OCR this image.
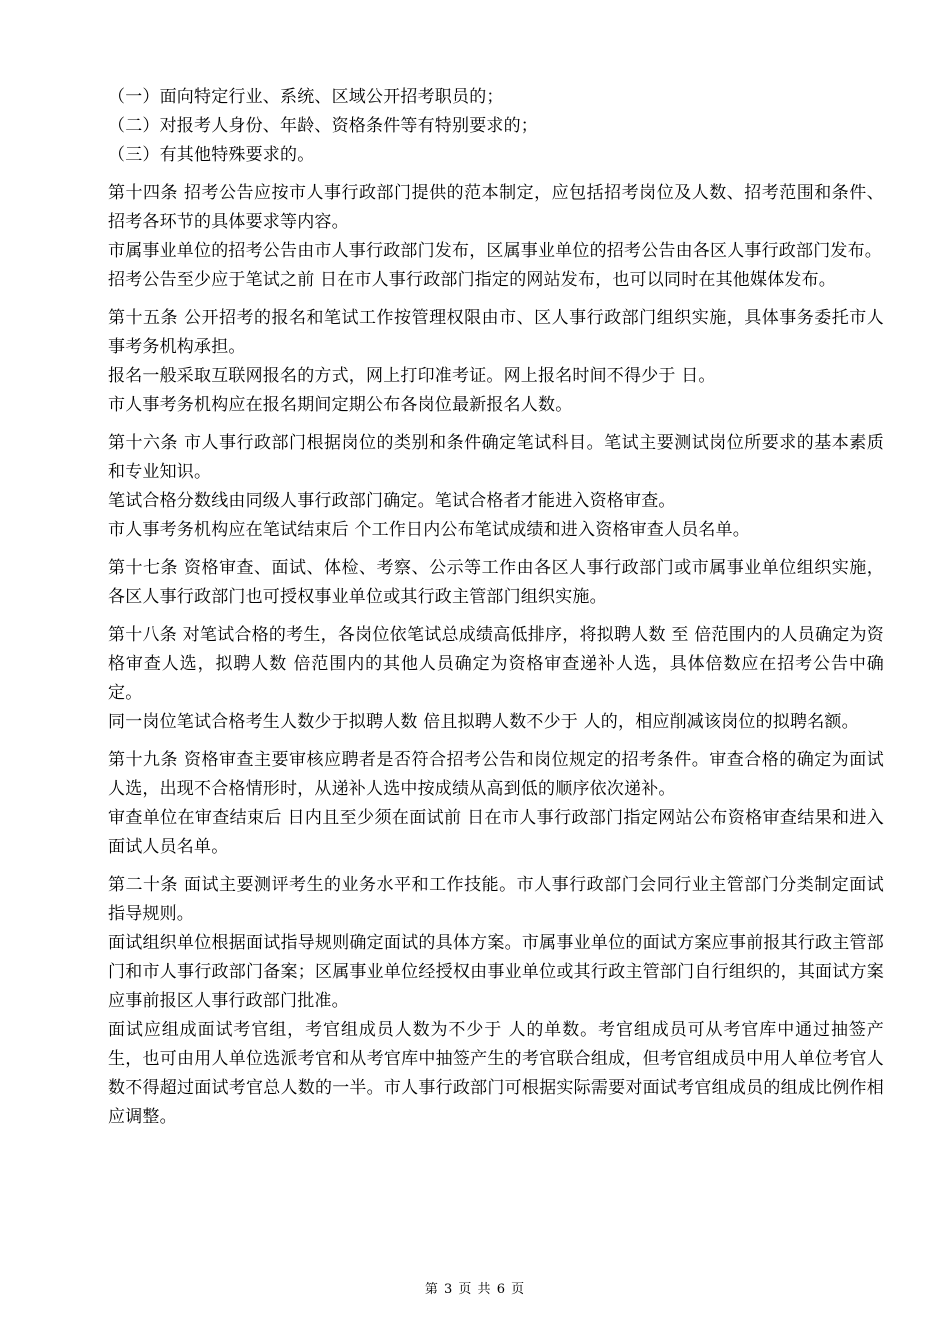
（一）面向特定行业、系统、区域公开招考职员的；

（二）对报考人身份、年龄、资格条件等有特别要求的；

（三）有其他特殊要求的。

第十四条 招考公告应按市人事行政部门提供的范本制定，应包括招考岗位及人数、招考范围和条件、招考各环节的具体要求等内容。

市属事业单位的招考公告由市人事行政部门发布，区属事业单位的招考公告由各区人事行政部门发布。

招考公告至少应于笔试之前 日在市人事行政部门指定的网站发布，也可以同时在其他媒体发布。

第十五条 公开招考的报名和笔试工作按管理权限由市、区人事行政部门组织实施，具体事务委托市人事考务机构承担。

报名一般采取互联网报名的方式，网上打印准考证。网上报名时间不得少于 日。

市人事考务机构应在报名期间定期公布各岗位最新报名人数。

第十六条 市人事行政部门根据岗位的类别和条件确定笔试科目。笔试主要测试岗位所要求的基本素质和专业知识。

笔试合格分数线由同级人事行政部门确定。笔试合格者才能进入资格审查。

市人事考务机构应在笔试结束后 个工作日内公布笔试成绩和进入资格审查人员名单。

第十七条 资格审查、面试、体检、考察、公示等工作由各区人事行政部门或市属事业单位组织实施，各区人事行政部门也可授权事业单位或其行政主管部门组织实施。

第十八条 对笔试合格的考生，各岗位依笔试总成绩高低排序，将拟聘人数 至 倍范围内的人员确定为资格审查人选，拟聘人数 倍范围内的其他人员确定为资格审查递补人选，具体倍数应在招考公告中确定。

同一岗位笔试合格考生人数少于拟聘人数 倍且拟聘人数不少于 人的，相应削减该岗位的拟聘名额。

第十九条 资格审查主要审核应聘者是否符合招考公告和岗位规定的招考条件。审查合格的确定为面试人选，出现不合格情形时，从递补人选中按成绩从高到低的顺序依次递补。

审查单位在审查结束后 日内且至少须在面试前 日在市人事行政部门指定网站公布资格审查结果和进入面试人员名单。

第二十条 面试主要测评考生的业务水平和工作技能。市人事行政部门会同行业主管部门分类制定面试指导规则。

面试组织单位根据面试指导规则确定面试的具体方案。市属事业单位的面试方案应事前报其行政主管部门和市人事行政部门备案；区属事业单位经授权由事业单位或其行政主管部门自行组织的，其面试方案应事前报区人事行政部门批准。

面试应组成面试考官组，考官组成员人数为不少于 人的单数。考官组成员可从考官库中通过抽签产生，也可由用人单位选派考官和从考官库中抽签产生的考官联合组成，但考官组成员中用人单位考官人数不得超过面试考官总人数的一半。市人事行政部门可根据实际需要对面试考官组成员的组成比例作相应调整。

第 3 页 共 6 页
